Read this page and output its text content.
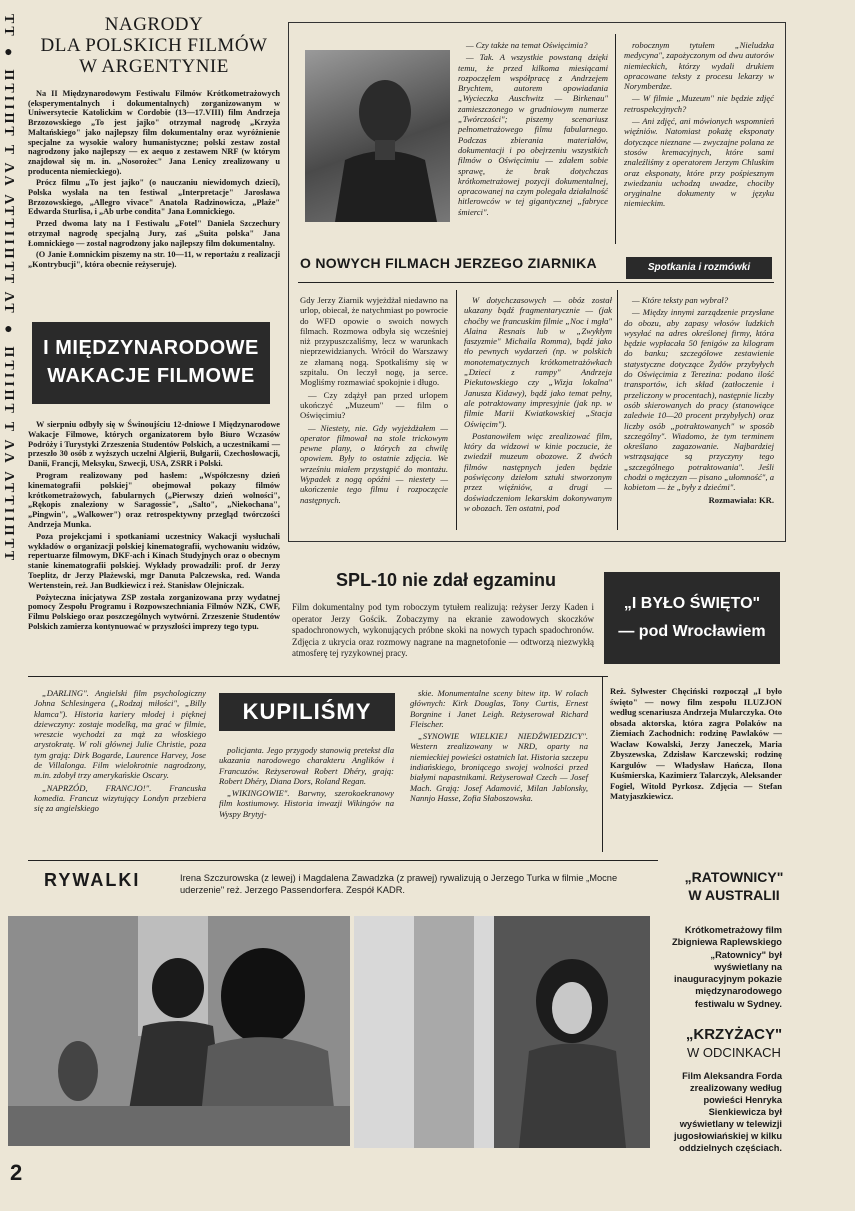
ΤΤ ● ΠΤΙΙΠΤ Τ ΛΛ ΛΤΤΙΙΠΤΤ ΛΤ ● ΠΤΙΙΠΤ Τ ΛΛ ΛΤΤΙΙΠΤΤ	NAGRODY
DLA POLSKICH FILMÓW
W ARGENTYNIE

Na II Międzynarodowym Festiwalu Filmów Krótkometrażowych (eksperymentalnych i dokumentalnych) zorganizowanym w Uniwersytecie Katolickim w Cordobie (13—17.VIII) film Andrzeja Brzozowskiego „To jest jajko" otrzymał nagrodę „Krzyża Maltańskiego" jako najlepszy film dokumentalny oraz wyróżnienie specjalne za wysokie walory humanistyczne; polski zestaw został nagrodzony jako najlepszy — ex aequo z zestawem NRF (w którym znajdował się m. in. „Nosorożec" Jana Lenicy zrealizowany u producenta niemieckiego).

Prócz filmu „To jest jajko" (o nauczaniu niewidomych dzieci), Polska wysłała na ten festiwal „Interpretacje" Jarosława Brzozowskiego, „Allegro vivace" Anatola Radzinowicza, „Plaże" Edwarda Sturlisa, i „Ab urbe condita" Jana Łomnickiego.

Przed dwoma laty na I Festiwalu „Fotel" Daniela Szczechury otrzymał nagrodę specjalną Jury, zaś „Suita polska" Jana Łomnickiego — został nagrodzony jako najlepszy film dokumentalny.

(O Janie Łomnickim piszemy na str. 10—11, w reportażu z realizacji „Kontrybucji", która obecnie reżyseruje).

I MIĘDZYNARODOWE
WAKACJE FILMOWE

W sierpniu odbyły się w Świnoujściu 12-dniowe I Międzynarodowe Wakacje Filmowe, których organizatorem było Biuro Wczasów Podróży i Turystyki Zrzeszenia Studentów Polskich, a uczestnikami — przeszło 30 osób z wyższych uczelni Algierii, Bułgarii, Czechosłowacji, Danii, Francji, Meksyku, Szwecji, USA, ZSRR i Polski.

Program realizowany pod hasłem: „Współczesny dzień kinematografii polskiej" obejmował pokazy filmów krótkometrażowych, fabularnych („Pierwszy dzień wolności", „Rękopis znaleziony w Saragossie", „Salto", „Niekochana", „Pingwin", „Walkower") oraz retrospektywny przegląd twórczości Andrzeja Munka.

Poza projekcjami i spotkaniami uczestnicy Wakacji wysłuchali wykładów o organizacji polskiej kinematografii, wychowaniu widzów, repertuarze filmowym, DKF-ach i Kinach Studyjnych oraz o obecnym stanie kinematografii polskiej. Wykłady prowadzili: prof. dr Jerzy Toeplitz, dr Jerzy Płażewski, mgr Danuta Palczewska, red. Wanda Wertenstein, reż. Jan Budkiewicz i reż. Stanisław Olejniczak.

Pożyteczna inicjatywa ZSP została zorganizowana przy wydatnej pomocy Zespołu Programu i Rozpowszechniania Filmów NZK, CWF, Filmu Polskiego oraz poszczególnych wytwórni. Zrzeszenie Studentów Polskich zamierza kontynuować w przyszłości imprezy tego typu.

— Czy także na temat Oświęcimia?

— Tak. A wszystkie powstaną dzięki temu, że przed kilkoma miesiącami rozpoczęłem współpracę z Andrzejem Brychtem, autorem opowiadania „Wycieczka Auschwitz — Birkenau" zamieszczonego w grudniowym numerze „Twórczości"; piszemy scenariusz pełnometrażowego filmu fabularnego. Podczas zbierania materiałów, dokumentacji i po obejrzeniu wszystkich filmów o Oświęcimiu — zdałem sobie sprawę, że brak dotychczas krótkometrażowej pozycji dokumentalnej, opracowanej na czym polegała działalność hitlerowców w tej gigantycznej „fabryce śmierci".

robocznym tytułem „Nieludzka medycyna", zapożyczonym od dwu autorów niemieckich, którzy wydali drukiem opracowane teksty z procesu lekarzy w Norymberdze.

— W filmie „Muzeum" nie będzie zdjęć retrospekcyjnych?

— Ani zdjęć, ani mówionych wspomnień więźniów. Natomiast pokażę eksponaty dotyczące nieznane — zwyczajne polana ze stosów kremacyjnych, które sami znaleźliśmy z operatorem Jerzym Chluskim oraz eksponaty, które przy pośpiesznym zwiedzaniu uchodzą uwadze, chociby oryginalne dokumenty w języku niemieckim.

O NOWYCH FILMACH JERZEGO ZIARNIKA	Spotkania i rozmówki

Gdy Jerzy Ziarnik wyjeżdżał niedawno na urlop, obiecał, że natychmiast po powrocie do WFD opowie o swoich nowych filmach. Rozmowa odbyła się wcześniej niż przypuszczaliśmy, lecz w warunkach nieprzewidzianych. Wrócił do Warszawy ze złamaną nogą. Spotkaliśmy się w szpitalu. On leczył nogę, ja serce. Mogliśmy rozmawiać spokojnie i długo.

— Czy zdążył pan przed urlopem ukończyć „Muzeum" — film o Oświęcimiu?

— Niestety, nie. Gdy wyjeżdżałem — operator filmował na stole trickowym pewne plany, o których za chwilę opowiem. Były to ostatnie zdjęcia. We wrześniu miałem przystąpić do montażu. Wypadek z nogą opóźni — niestety — ukończenie tego filmu i rozpoczęcie następnych.

W dotychczasowych — obóz został ukazany bądź fragmentarycznie — (jak choćby we francuskim filmie „Noc i mgła" Alaina Resnais lub w „Zwykłym faszyzmie" Michaila Romma), bądź jako tło pewnych wydarzeń (np. w polskich monotematycznych krótkometrażówkach „Dzieci z rampy" Andrzeja Piekutowskiego czy „Wizja lokalna" Janusza Kidawy), bądź jako temat pełny, ale potraktowany impresyjnie (jak np. w filmie Marii Kwiatkowskiej „Stacja Oświęcim").

Postanowiłem więc zrealizować film, który da widzowi w kinie poczucie, że zwiedził muzeum obozowe. Z dwóch filmów następnych jeden będzie poświęcony dziełom sztuki stworzonym przez więźniów, a drugi — doświadczeniom lekarskim dokonywanym w obozach. Ten ostatni, pod

— Które teksty pan wybrał?

— Między innymi zarządzenie przysłane do obozu, aby zapasy włosów ludzkich wysyłać na adres określonej firmy, która będzie wypłacała 50 fenigów za kilogram do banku; szczegółowe zestawienie statystyczne dotyczące Żydów przybyłych do Oświęcimia z Terezina: podano ilość transportów, ich skład (zatłoczenie i przeliczony w procentach), następnie liczby osób skierowanych do pracy (stanowiące zaledwie 10—20 procent przybyłych) oraz liczby osób „potraktowanych" w sposób szczególny". Wiadomo, że tym terminem określano zagazowanie. Najbardziej wstrząsające są przyczyny tego „szczególnego potraktowania". Jeśli chodzi o mężczyzn — pisano „ułomność", a kobietom — że „były z dziećmi".

Rozmawiała: KR.
SPL-10 nie zdał egzaminu
Film dokumentalny pod tym roboczym tytułem realizują: reżyser Jerzy Kaden i operator Jerzy Gościk. Zobaczymy na ekranie zawodowych skoczków spadochronowych, wykonujących próbne skoki na nowych typach spadochronów. Zdjęcia z ukrycia oraz rozmowy nagrane na magnetofonie — odtworzą niezwykłą atmosferę tej ryzykownej pracy.
„I BYŁO ŚWIĘTO"
— pod Wrocławiem
KUPILIŚMY

„DARLING". Angielski film psychologiczny Johna Schlesingera („Rodzaj miłości", „Billy kłamca"). Historia kariery młodej i pięknej dziewczyny: zostaje modelką, ma grać w filmie, wreszcie wychodzi za mąż za włoskiego arystokratę. W roli głównej Julie Christie, poza tym grają: Dirk Bogarde, Laurence Harvey, Jose de Villalonga. Film wielokrotnie nagrodzony, m.in. zdobył trzy amerykańskie Oscary.

„NAPRZÓD, FRANCJO!". Francuska komedia. Francuz wizytujący Londyn przebiera się za angielskiego

policjanta. Jego przygody stanowią pretekst dla ukazania narodowego charakteru Anglików i Francuzów. Reżyserował Robert Dhéry, grają: Robert Dhéry, Diana Dors, Roland Regan.

„WIKINGOWIE". Barwny, szerokoekranowy film kostiumowy. Historia inwazji Wikingów na Wyspy Brytyj-

skie. Monumentalne sceny bitew itp. W rolach głównych: Kirk Douglas, Tony Curtis, Ernest Borgnine i Janet Leigh. Reżyserował Richard Fleischer.

„SYNOWIE WIELKIEJ NIEDŹWIEDZICY". Western zrealizowany w NRD, oparty na niemieckiej powieści ostatnich lat. Historia szczepu indiańskiego, broniącego swojej wolności przed białymi napastnikami. Reżyserował Czech — Josef Mach. Grają: Josef Adamović, Milan Jablonsky, Nannjo Hasse, Zofia Słaboszowska.

Reż. Sylwester Chęciński rozpoczął „I było święto" — nowy film zespołu ILUZJON według scenariusza Andrzeja Mularczyka. Oto obsada aktorska, która zagra Polaków na Ziemiach Zachodnich: rodzinę Pawlaków — Wacław Kowalski, Jerzy Janeczek, Maria Zbyszewska, Zdzisław Karczewski; rodzinę Kargulów — Władysław Hańcza, Ilona Kuśmierska, Kazimierz Talarczyk, Aleksander Fogiel, Witold Pyrkosz. Zdjęcia — Stefan Matyjaszkiewicz.
RYWALKI	Irena Szczurowska (z lewej) i Magdalena Zawadzka (z prawej) rywalizują o Jerzego Turka w filmie „Mocne uderzenie" reż. Jerzego Passendorfera. Zespół KADR.
„RATOWNICY"
W AUSTRALII
Krótkometrażowy film Zbigniewa Raplewskiego „Ratownicy" był wyświetlany na inauguracyjnym pokazie międzynarodowego festiwalu w Sydney.
„KRZYŻACY"
W ODCINKACH
Film Aleksandra Forda zrealizowany według powieści Henryka Sienkiewicza był wyświetlany w telewizji jugosłowiańskiej w kilku oddzielnych częściach.
2
